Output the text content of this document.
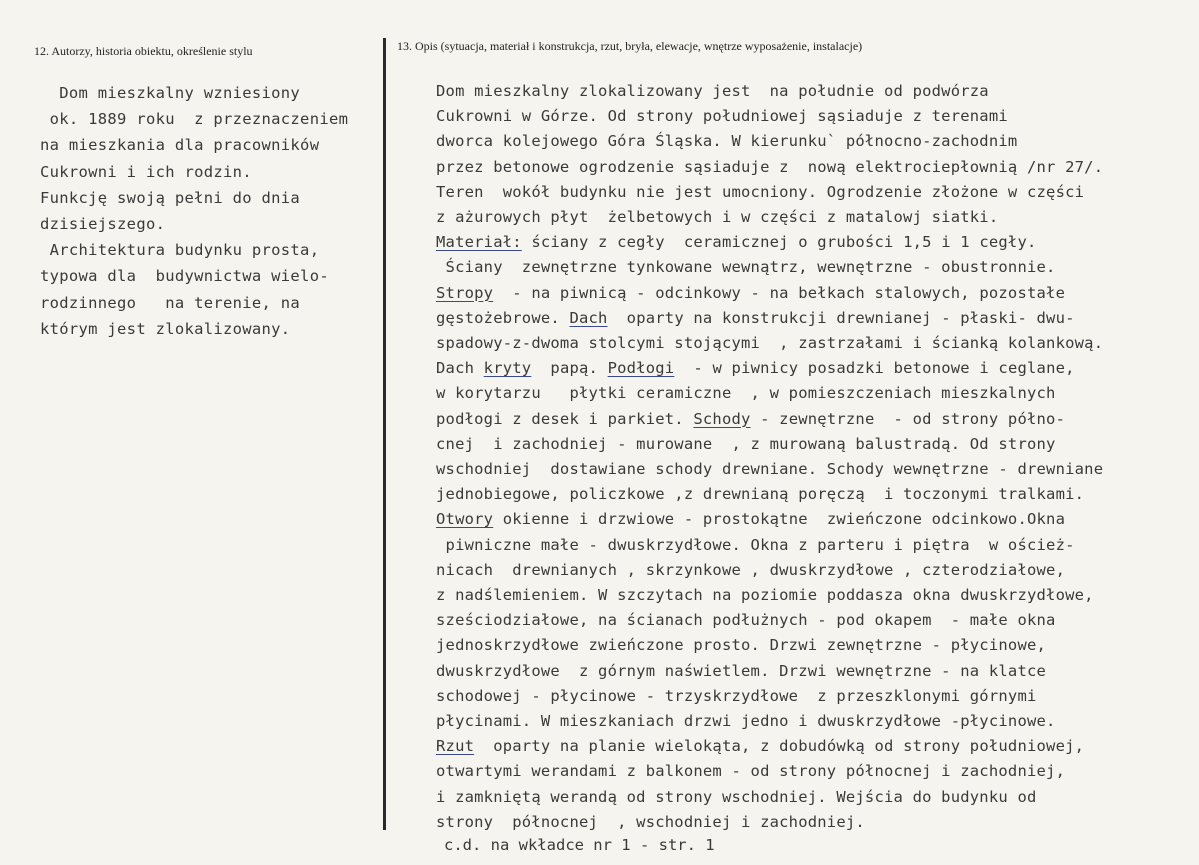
12. Autorzy, historia obiektu, określenie stylu	13. Opis (sytuacja, materiał i konstrukcja, rzut, bryła, elewacje, wnętrze wyposażenie, instalacje)
Dom mieszkalny wzniesiony
ok. 1889 roku  z przeznaczeniem
na mieszkania dla pracowników
Cukrowni i ich rodzin.
Funkcję swoją pełni do dnia
dzisiejszego.
Architektura budynku prosta,
typowa dla  budywnictwa wielo-
rodzinnego   na terenie, na
którym jest zlokalizowany.
Dom mieszkalny zlokalizowany jest  na południe od podwórza
Cukrowni w Górze. Od strony południowej sąsiaduje z terenami
dworca kolejowego Góra Śląska. W kierunku` północno-zachodnim
przez betonowe ogrodzenie sąsiaduje z  nową elektrociepłownią /nr 27/.
Teren  wokół budynku nie jest umocniony. Ogrodzenie złożone w części
z ażurowych płyt  żelbetowych i w części z matalowj siatki.
Materiał: ściany z cegły  ceramicznej o grubości 1,5 i 1 cegły.
Ściany  zewnętrzne tynkowane wewnątrz, wewnętrzne - obustronnie.
Stropy  - na piwnicą - odcinkowy - na bełkach stalowych, pozostałe
gęstożebrowe. Dach  oparty na konstrukcji drewnianej - płaski- dwu-
spadowy-z-dwoma stolcymi stojącymi  , zastrzałami i ścianką kolankową.
Dach kryty  papą. Podłogi  - w piwnicy posadzki betonowe i ceglane,
w korytarzu   płytki ceramiczne  , w pomieszczeniach mieszkalnych
podłogi z desek i parkiet. Schody - zewnętrzne  - od strony półno-
cnej  i zachodniej - murowane  , z murowaną balustradą. Od strony
wschodniej  dostawiane schody drewniane. Schody wewnętrzne - drewniane
jednobiegowe, policzkowe ,z drewnianą poręczą  i toczonymi tralkami.
Otwory okienne i drzwiowe - prostokątne  zwieńczone odcinkowo.Okna
piwniczne małe - dwuskrzydłowe. Okna z parteru i piętra  w oścież-
nicach  drewnianych , skrzynkowe , dwuskrzydłowe , czterodziałowe,
z nadślemieniem. W szczytach na poziomie poddasza okna dwuskrzydłowe,
sześciodziałowe, na ścianach podłużnych - pod okapem  - małe okna
jednoskrzydłowe zwieńczone prosto. Drzwi zewnętrzne - płycinowe,
dwuskrzydłowe  z górnym naświetlem. Drzwi wewnętrzne - na klatce
schodowej - płycinowe - trzyskrzydłowe  z przeszklonymi górnymi
płycinami. W mieszkaniach drzwi jedno i dwuskrzydłowe -płycinowe.
Rzut  oparty na planie wielokąta, z dobudówką od strony południowej,
otwartymi werandami z balkonem - od strony północnej i zachodniej,
i zamkniętą werandą od strony wschodniej. Wejścia do budynku od
strony  północnej  , wschodniej i zachodniej.
c.d. na wkładce nr 1 - str. 1
